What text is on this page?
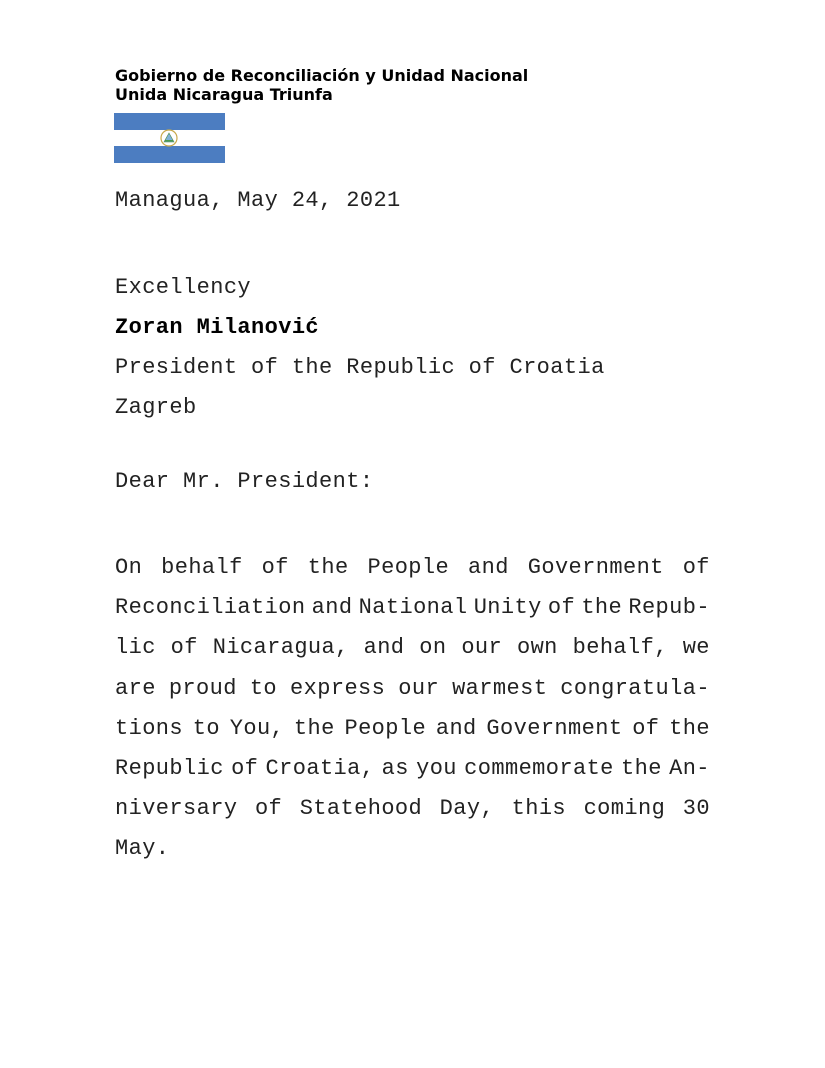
Gobierno de Reconciliación y Unidad Nacional
Unida Nicaragua Triunfa
Managua, May 24, 2021
Excellency
Zoran Milanović
President of the Republic of Croatia
Zagreb
Dear Mr. President:
On behalf of the People and Government of
Reconciliation and National Unity of the Repub-
lic of Nicaragua, and on our own behalf, we
are proud to express our warmest congratula-
tions to You, the People and Government of the
Republic of Croatia, as you commemorate the An-
niversary of Statehood Day, this coming 30
May.
